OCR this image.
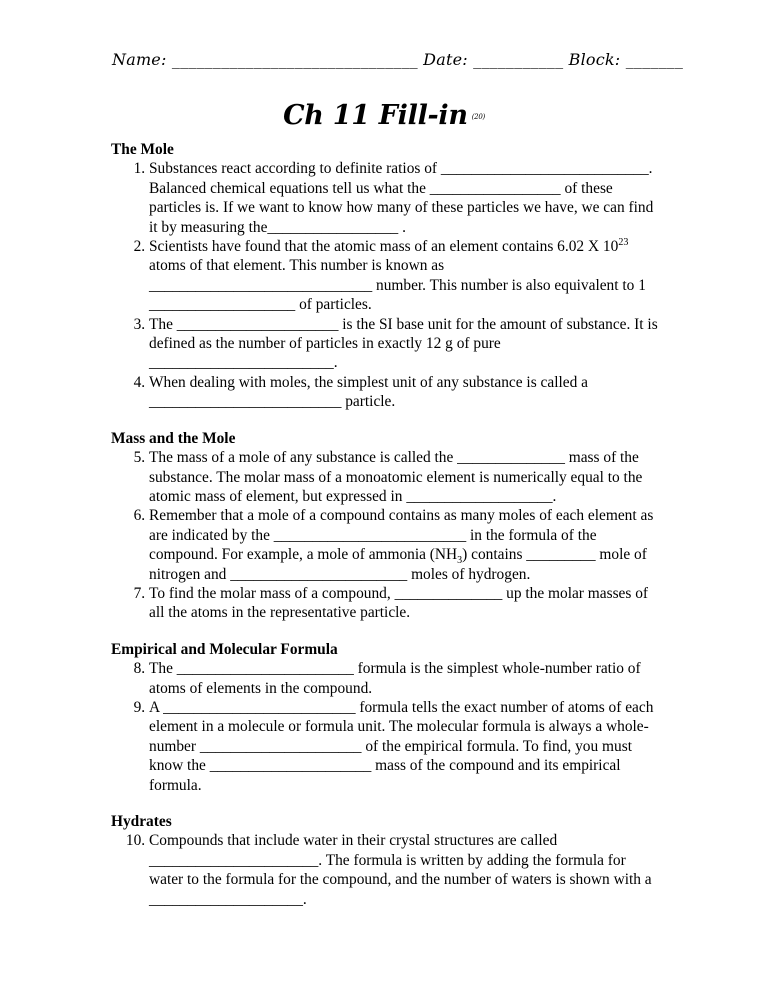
Name: ______________________________ Date: ___________ Block: _______
Ch 11 Fill-in (20)
The Mole
1. Substances react according to definite ratios of ___________________________. Balanced chemical equations tell us what the _________________ of these particles is. If we want to know how many of these particles we have, we can find it by measuring the_________________ .
2. Scientists have found that the atomic mass of an element contains 6.02 X $10^{23}$ atoms of that element. This number is known as _____________________________ number. This number is also equivalent to 1 ___________________ of particles.
3. The _____________________ is the SI base unit for the amount of substance. It is defined as the number of particles in exactly 12 g of pure ________________________.
4. When dealing with moles, the simplest unit of any substance is called a _________________________ particle.
Mass and the Mole
5. The mass of a mole of any substance is called the ______________ mass of the substance. The molar mass of a monoatomic element is numerically equal to the atomic mass of element, but expressed in ___________________.
6. Remember that a mole of a compound contains as many moles of each element as are indicated by the _________________________ in the formula of the compound. For example, a mole of ammonia $(NH_3)$ contains _________ mole of nitrogen and _______________________ moles of hydrogen.
7. To find the molar mass of a compound, ______________ up the molar masses of all the atoms in the representative particle.
Empirical and Molecular Formula
8. The _______________________ formula is the simplest whole-number ratio of atoms of elements in the compound.
9. A _________________________ formula tells the exact number of atoms of each element in a molecule or formula unit. The molecular formula is always a whole-number _____________________ of the empirical formula. To find, you must know the _____________________ mass of the compound and its empirical formula.
Hydrates
10. Compounds that include water in their crystal structures are called ______________________. The formula is written by adding the formula for water to the formula for the compound, and the number of waters is shown with a ____________________.
